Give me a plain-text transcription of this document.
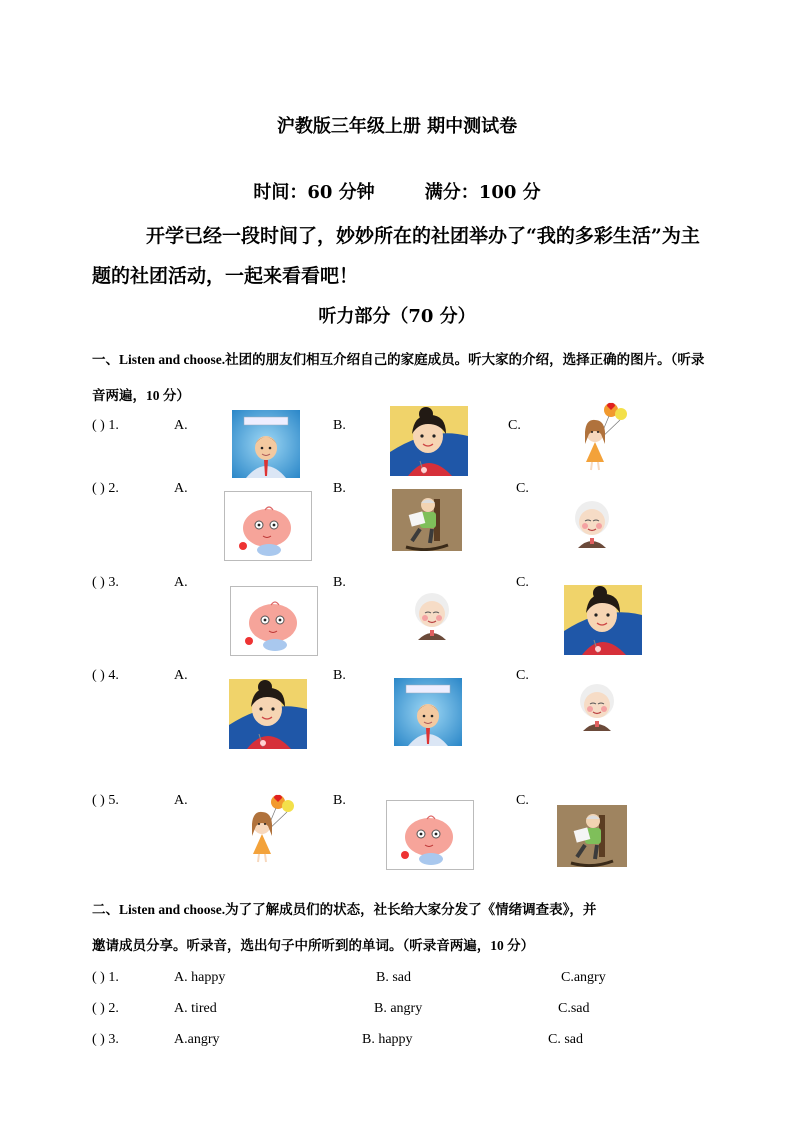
沪教版三年级上册 期中测试卷
时间：60 分钟        满分：100 分
开学已经一段时间了，妙妙所在的社团举办了“我的多彩生活”为主题的社团活动，一起来看看吧！
听力部分（70 分）
一、Listen and choose.社团的朋友们相互介绍自己的家庭成员。听大家的介绍，选择正确的图片。（听录音两遍，10 分）
( ) 1.	A.	B.	C.
( ) 2.	A.	B.	C.
( ) 3.	A.	B.	C.
( ) 4.	A.	B.	C.
( ) 5.	A.	B.	C.
二、Listen and choose.为了了解成员们的状态，社长给大家分发了《情绪调查表》，并
邀请成员分享。听录音，选出句子中所听到的单词。（听录音两遍，10 分）
( ) 1.	A. happy	B. sad	C.angry
( ) 2.	A. tired	B. angry	C.sad
( ) 3.	A.angry	B. happy	C. sad
